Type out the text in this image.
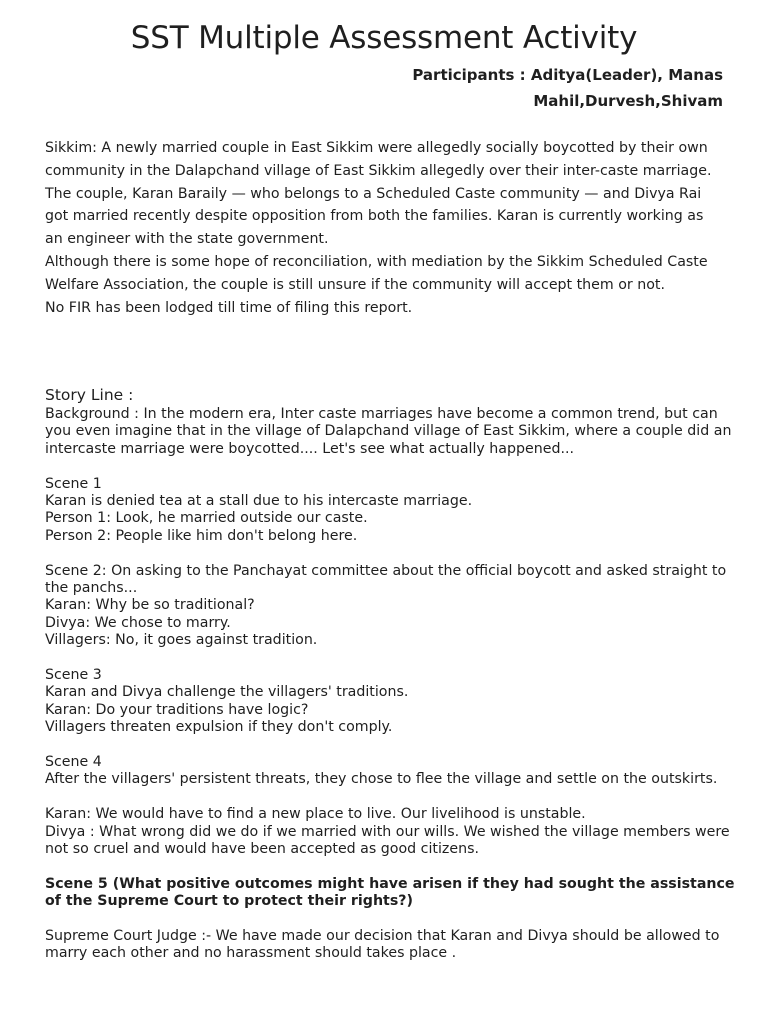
SST Multiple Assessment Activity
Participants : Aditya(Leader), Manas
Mahil,Durvesh,Shivam

Sikkim: A newly married couple in East Sikkim were allegedly socially boycotted by their own community in the Dalapchand village of East Sikkim allegedly over their inter-caste marriage.

The couple, Karan Baraily — who belongs to a Scheduled Caste community — and Divya Rai got married recently despite opposition from both the families. Karan is currently working as an engineer with the state government.

Although there is some hope of reconciliation, with mediation by the Sikkim Scheduled Caste Welfare Association, the couple is still unsure if the community will accept them or not.

No FIR has been lodged till time of filing this report.

Story Line :

Background : In the modern era, Inter caste marriages have become a common trend, but can you even imagine that in the village of Dalapchand village of East Sikkim, where a couple did an intercaste marriage were boycotted.... Let's see what actually happened...

Scene 1

Karan is denied tea at a stall due to his intercaste marriage.

Person 1: Look, he married outside our caste.

Person 2: People like him don't belong here.

Scene 2: On asking to the Panchayat committee about the official boycott and asked straight to the panchs...

Karan: Why be so traditional?

Divya: We chose to marry.

Villagers: No, it goes against tradition.

Scene 3

Karan and Divya challenge the villagers' traditions.

Karan: Do your traditions have logic?

Villagers threaten expulsion if they don't comply.

Scene 4

After the villagers' persistent threats, they chose to flee the village and settle on the outskirts.

Karan: We would have to find a new place to live. Our livelihood is unstable.

Divya : What wrong did we do if we married with our wills. We wished the village members were not so cruel and would have been accepted as good citizens.

Scene 5 (What positive outcomes might have arisen if they had sought the assistance of the Supreme Court to protect their rights?)

Supreme Court Judge :- We have made our decision that Karan and Divya should be allowed to marry each other and no harassment should takes place .
